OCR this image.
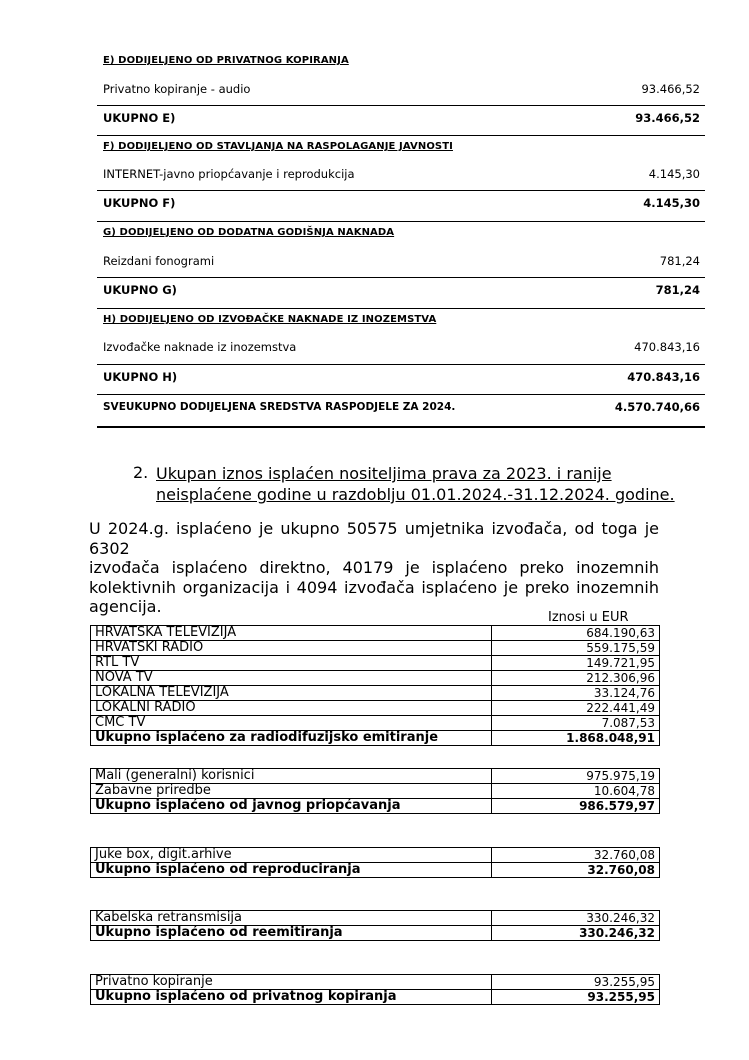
E) DODIJELJENO OD PRIVATNOG KOPIRANJA
Privatno kopiranje - audio	93.466,52
UKUPNO E)	93.466,52
F) DODIJELJENO OD STAVLJANJA NA RASPOLAGANJE JAVNOSTI
INTERNET-javno priopćavanje i reprodukcija	4.145,30
UKUPNO F)	4.145,30
G) DODIJELJENO OD DODATNA GODIŠNJA NAKNADA
Reizdani fonogrami	781,24
UKUPNO G)	781,24
H) DODIJELJENO OD IZVOĐAČKE NAKNADE IZ INOZEMSTVA
Izvođačke naknade iz inozemstva	470.843,16
UKUPNO H)	470.843,16
SVEUKUPNO DODIJELJENA SREDSTVA RASPODJELE ZA 2024.	4.570.740,66
2. Ukupan iznos isplaćen nositeljima prava za 2023. i ranije
neisplaćene godine u razdoblju 01.01.2024.-31.12.2024. godine.
U 2024.g. isplaćeno je ukupno 50575 umjetnika izvođača, od toga je 6302
izvođača isplaćeno direktno, 40179 je isplaćeno preko inozemnih
kolektivnih organizacija i 4094 izvođača isplaćeno je preko inozemnih
agencija.
Iznosi u EUR
HRVATSKA TELEVIZIJA	684.190,63
HRVATSKI RADIO	559.175,59
RTL TV	149.721,95
NOVA TV	212.306,96
LOKALNA TELEVIZIJA	33.124,76
LOKALNI RADIO	222.441,49
CMC TV	7.087,53
Ukupno isplaćeno za radiodifuzijsko emitiranje	1.868.048,91
Mali (generalni) korisnici	975.975,19
Zabavne priredbe	10.604,78
Ukupno isplaćeno od javnog priopćavanja	986.579,97
Juke box, digit.arhive	32.760,08
Ukupno isplaćeno od reproduciranja	32.760,08
Kabelska retransmisija	330.246,32
Ukupno isplaćeno od reemitiranja	330.246,32
Privatno kopiranje	93.255,95
Ukupno isplaćeno od privatnog kopiranja	93.255,95
